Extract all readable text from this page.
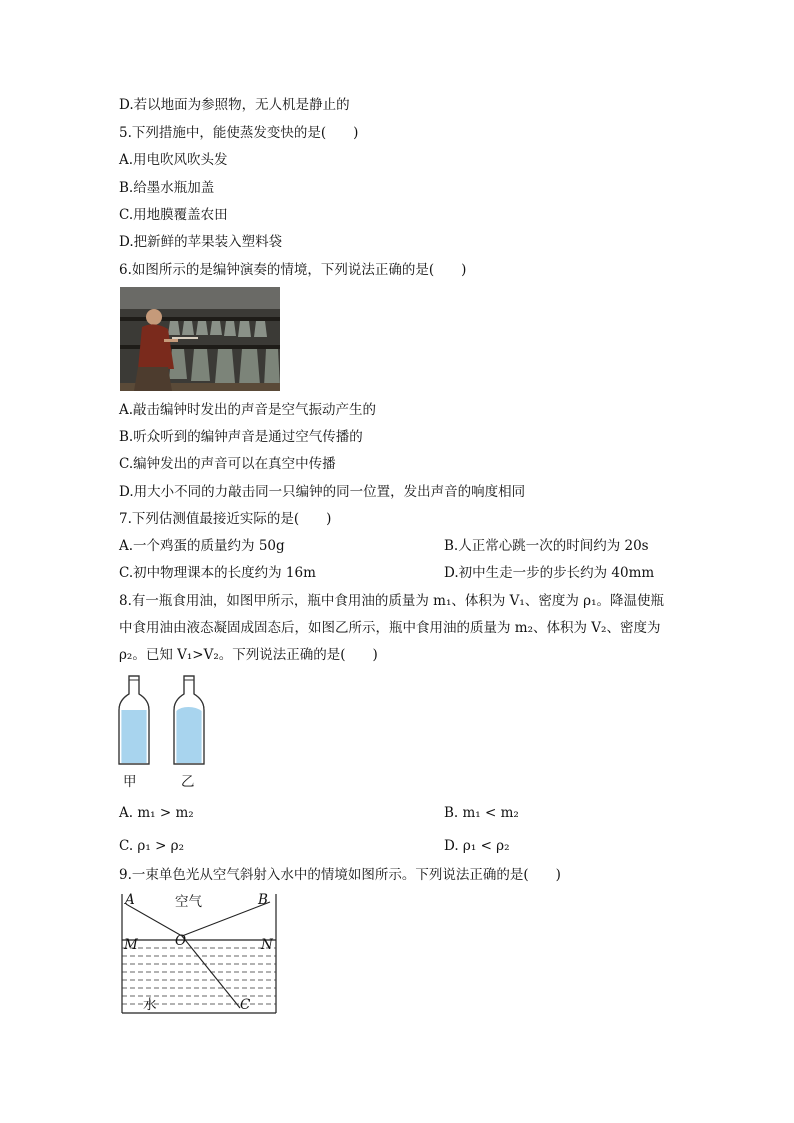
D.若以地面为参照物，无人机是静止的
5.下列措施中，能使蒸发变快的是(　　)
A.用电吹风吹头发
B.给墨水瓶加盖
C.用地膜覆盖农田
D.把新鲜的苹果装入塑料袋
6.如图所示的是编钟演奏的情境，下列说法正确的是(　　)
A.敲击编钟时发出的声音是空气振动产生的
B.听众听到的编钟声音是通过空气传播的
C.编钟发出的声音可以在真空中传播
D.用大小不同的力敲击同一只编钟的同一位置，发出声音的响度相同
7.下列估测值最接近实际的是(　　)
A.一个鸡蛋的质量约为 50g	B.人正常心跳一次的时间约为 20s
C.初中物理课本的长度约为 16m	D.初中生走一步的步长约为 40mm
8.有一瓶食用油，如图甲所示，瓶中食用油的质量为 m₁、体积为 V₁、密度为 ρ₁。降温使瓶
中食用油由液态凝固成固态后，如图乙所示，瓶中食用油的质量为 m₂、体积为 V₂、密度为
ρ₂。已知 V₁>V₂。下列说法正确的是(　　)
甲	乙
A. m₁ > m₂	B. m₁ < m₂
C. ρ₁ > ρ₂	D. ρ₁ < ρ₂
9.一束单色光从空气斜射入水中的情境如图所示。下列说法正确的是(　　)
A	空气	B
M	O	N
水	C
